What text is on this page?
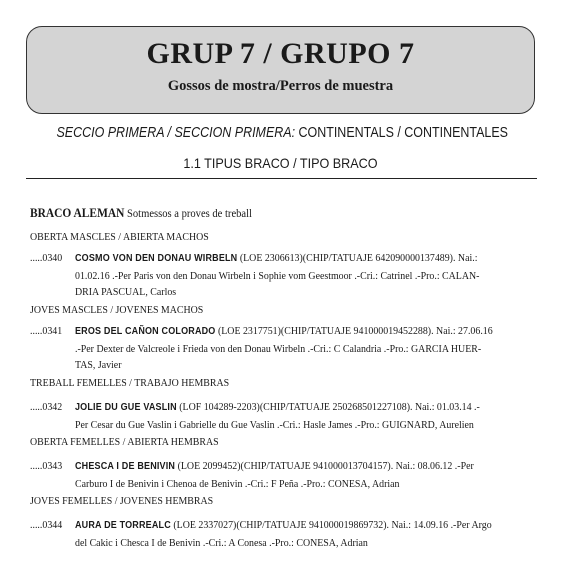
GRUP 7 / GRUPO 7
Gossos de mostra/Perros de muestra
SECCIO PRIMERA / SECCION PRIMERA: CONTINENTALS / CONTINENTALES
1.1 TIPUS BRACO / TIPO BRACO
BRACO ALEMAN Sotmessos a proves de treball
OBERTA MASCLES / ABIERTA MACHOS
.....0340 COSMO VON DEN DONAU WIRBELN (LOE 2306613)(CHIP/TATUAJE 642090000137489). Nai.:
01.02.16 .-Per Paris von den Donau Wirbeln i Sophie vom Geestmoor .-Cri.: Catrinel .-Pro.: CALAN-
DRIA PASCUAL, Carlos
JOVES MASCLES / JOVENES MACHOS
.....0341 EROS DEL CAÑON COLORADO (LOE 2317751)(CHIP/TATUAJE 941000019452288). Nai.: 27.06.16
.-Per Dexter de Valcreole i Frieda von den Donau Wirbeln .-Cri.: C Calandria .-Pro.: GARCIA HUER-
TAS, Javier
TREBALL FEMELLES / TRABAJO HEMBRAS
.....0342 JOLIE DU GUE VASLIN (LOF 104289-2203)(CHIP/TATUAJE 250268501227108). Nai.: 01.03.14 .-
Per Cesar du Gue Vaslin i Gabrielle du Gue Vaslin .-Cri.: Hasle James .-Pro.: GUIGNARD, Aurelien
OBERTA FEMELLES / ABIERTA HEMBRAS
.....0343 CHESCA I DE BENIVIN (LOE 2099452)(CHIP/TATUAJE 941000013704157). Nai.: 08.06.12 .-Per
Carburo I de Benivin i Chenoa de Benivin .-Cri.: F Peña .-Pro.: CONESA, Adrian
JOVES FEMELLES / JOVENES HEMBRAS
.....0344 AURA DE TORREALC (LOE 2337027)(CHIP/TATUAJE 941000019869732). Nai.: 14.09.16 .-Per Argo
del Cakic i Chesca I de Benivin .-Cri.: A Conesa .-Pro.: CONESA, Adrian
